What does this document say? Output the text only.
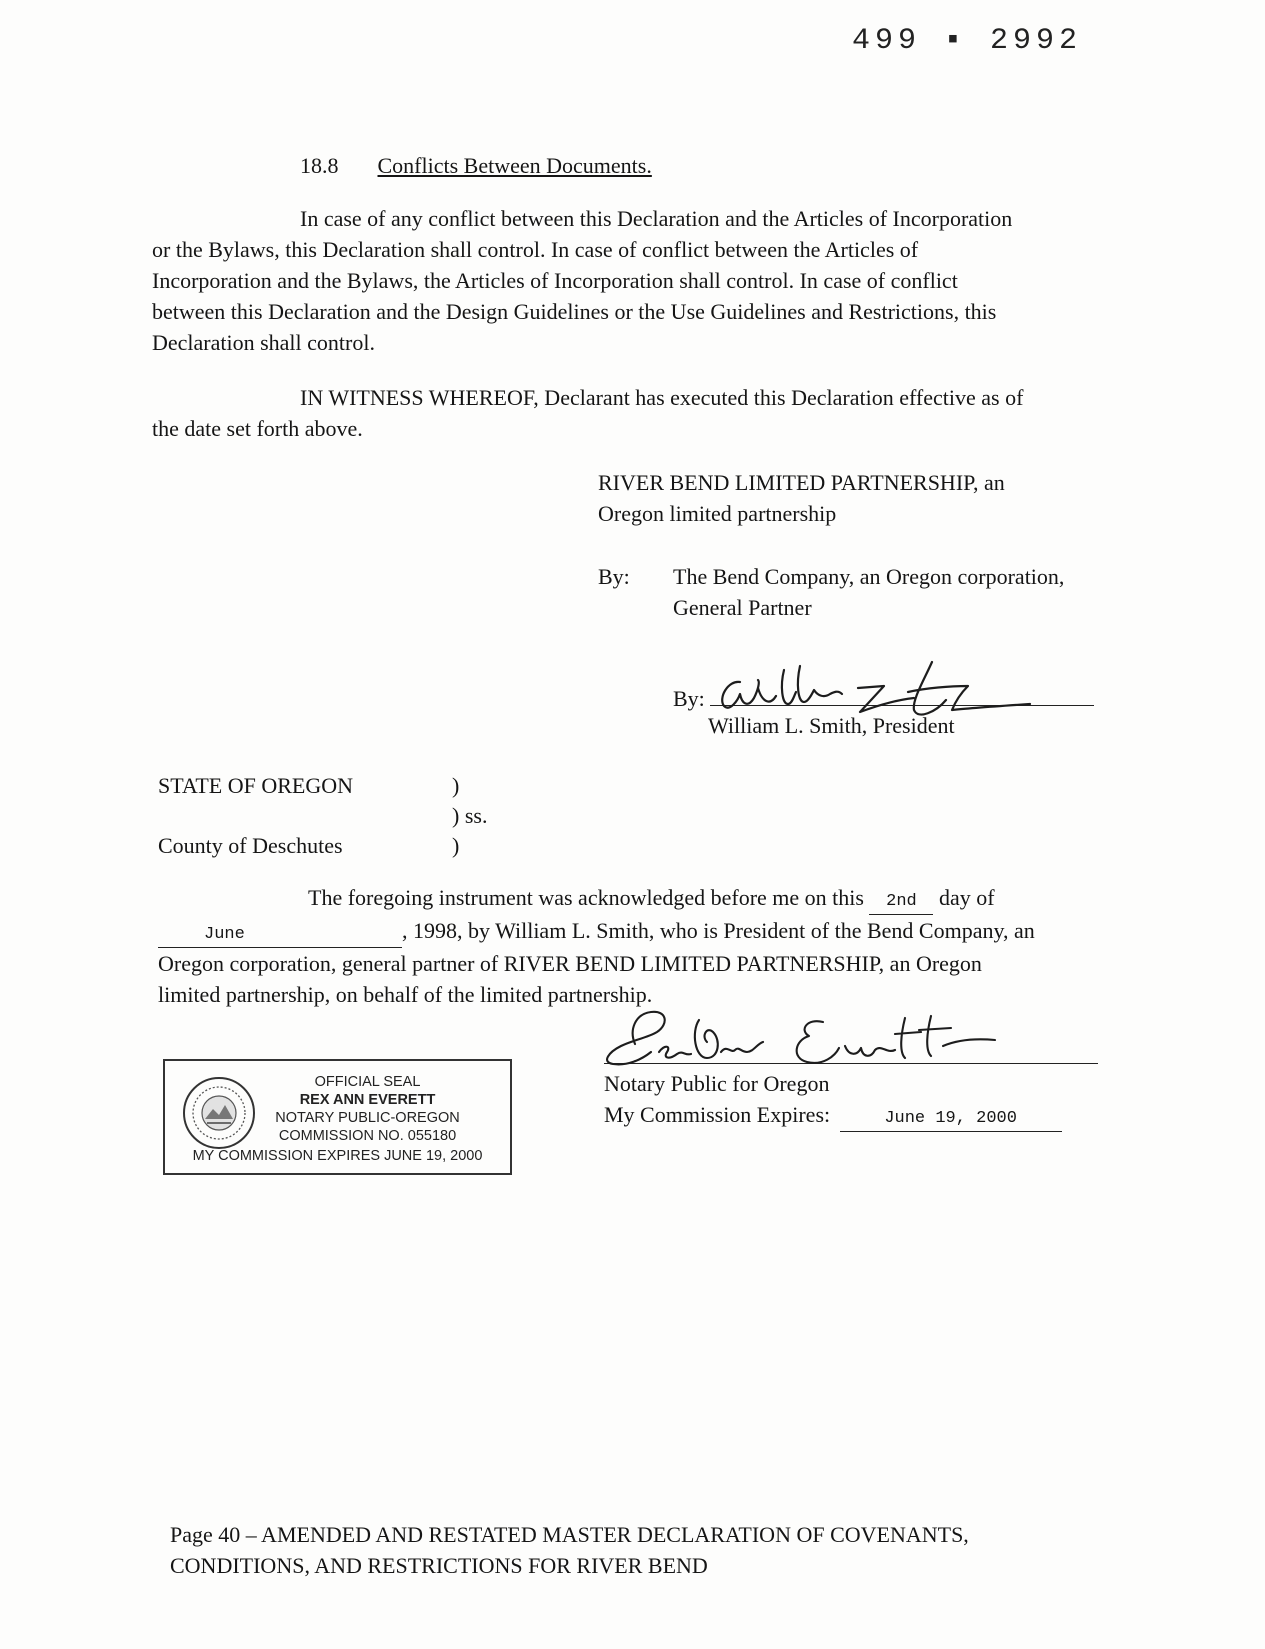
499 ▪ 2992
18.8 Conflicts Between Documents.
In case of any conflict between this Declaration and the Articles of Incorporation
or the Bylaws, this Declaration shall control. In case of conflict between the Articles of
Incorporation and the Bylaws, the Articles of Incorporation shall control. In case of conflict
between this Declaration and the Design Guidelines or the Use Guidelines and Restrictions, this
Declaration shall control.
IN WITNESS WHEREOF, Declarant has executed this Declaration effective as of
the date set forth above.
RIVER BEND LIMITED PARTNERSHIP, an
Oregon limited partnership
By: The Bend Company, an Oregon corporation,
General Partner
By:
William L. Smith, President
STATE OF OREGON	)
) ss.
County of Deschutes	)
The foregoing instrument was acknowledged before me on this 2nd day of
June	, 1998, by William L. Smith, who is President of the Bend Company, an
Oregon corporation, general partner of RIVER BEND LIMITED PARTNERSHIP, an Oregon
limited partnership, on behalf of the limited partnership.
Notary Public for Oregon
My Commission Expires:	June 19, 2000
OFFICIAL SEAL
REX ANN EVERETT
NOTARY PUBLIC-OREGON
COMMISSION NO. 055180
MY COMMISSION EXPIRES JUNE 19, 2000
Page 40 – AMENDED AND RESTATED MASTER DECLARATION OF COVENANTS,
CONDITIONS, AND RESTRICTIONS FOR RIVER BEND
